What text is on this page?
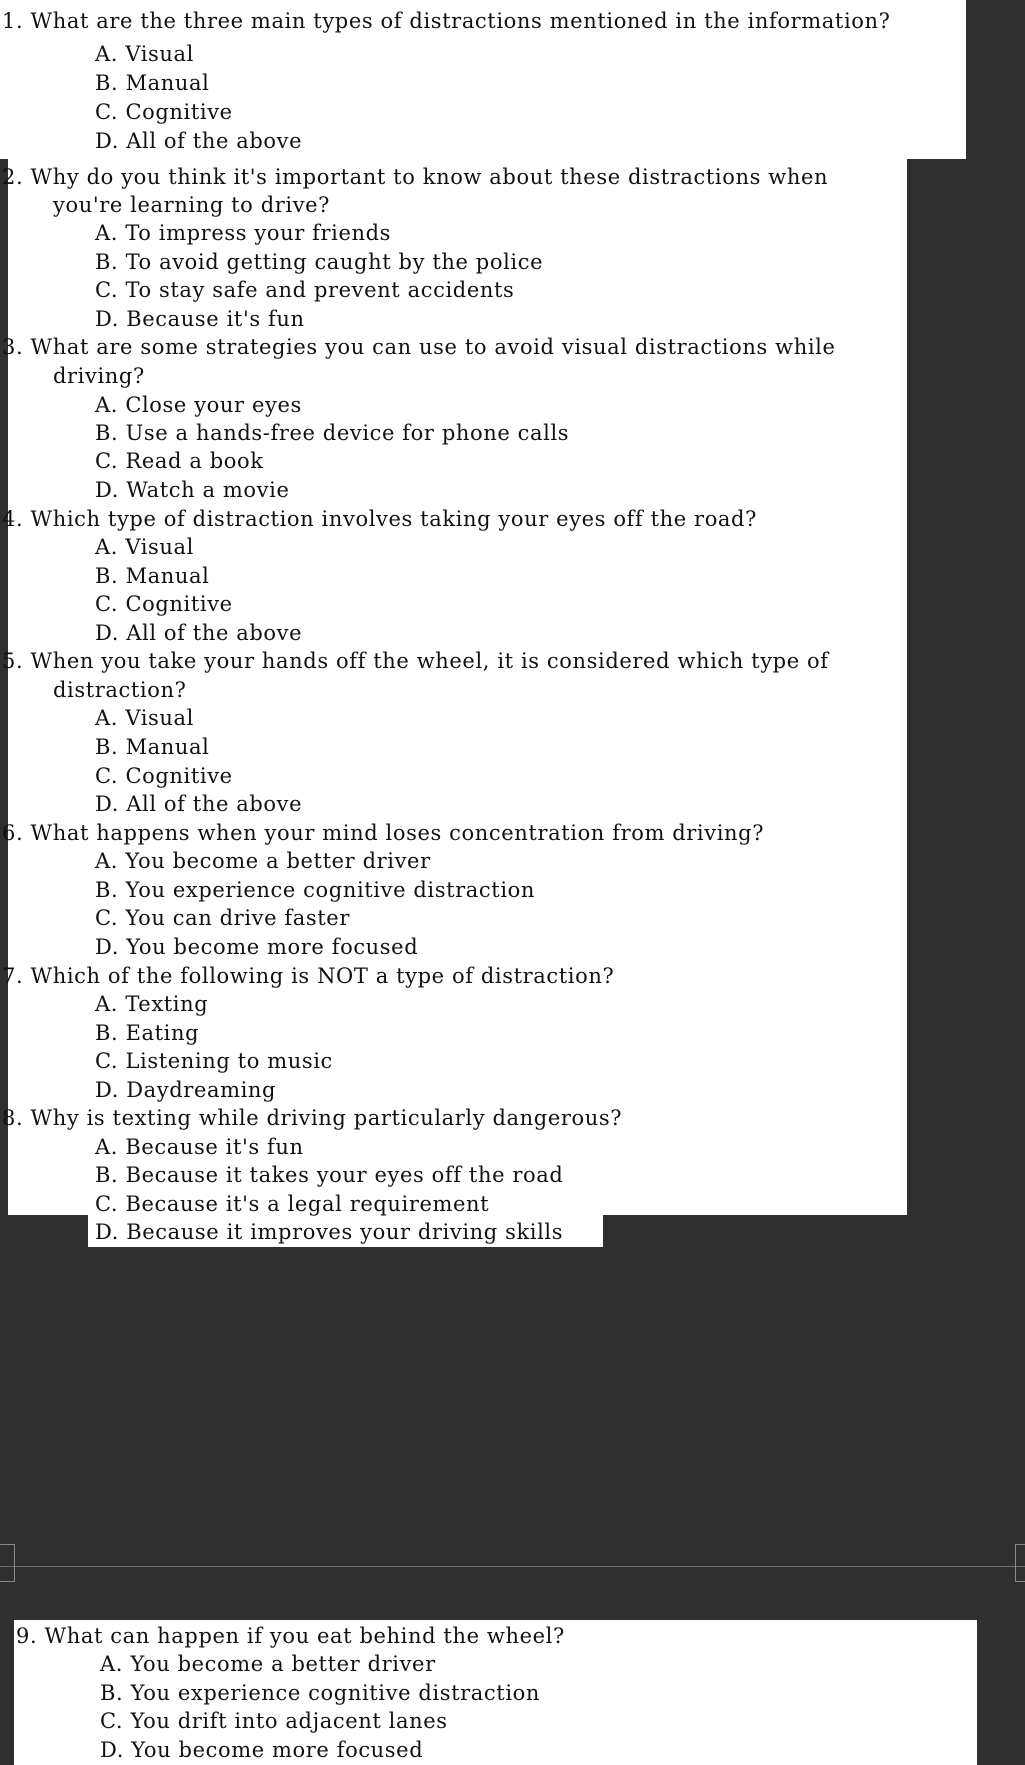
1. What are the three main types of distractions mentioned in the information?
A. Visual
B. Manual
C. Cognitive
D. All of the above
2. Why do you think it's important to know about these distractions when
you're learning to drive?
A. To impress your friends
B. To avoid getting caught by the police
C. To stay safe and prevent accidents
D. Because it's fun
3. What are some strategies you can use to avoid visual distractions while
driving?
A. Close your eyes
B. Use a hands-free device for phone calls
C. Read a book
D. Watch a movie
4. Which type of distraction involves taking your eyes off the road?
A. Visual
B. Manual
C. Cognitive
D. All of the above
5. When you take your hands off the wheel, it is considered which type of
distraction?
A. Visual
B. Manual
C. Cognitive
D. All of the above
6. What happens when your mind loses concentration from driving?
A. You become a better driver
B. You experience cognitive distraction
C. You can drive faster
D. You become more focused
7. Which of the following is NOT a type of distraction?
A. Texting
B. Eating
C. Listening to music
D. Daydreaming
8. Why is texting while driving particularly dangerous?
A. Because it's fun
B. Because it takes your eyes off the road
C. Because it's a legal requirement
D. Because it improves your driving skills
9. What can happen if you eat behind the wheel?
A. You become a better driver
B. You experience cognitive distraction
C. You drift into adjacent lanes
D. You become more focused
